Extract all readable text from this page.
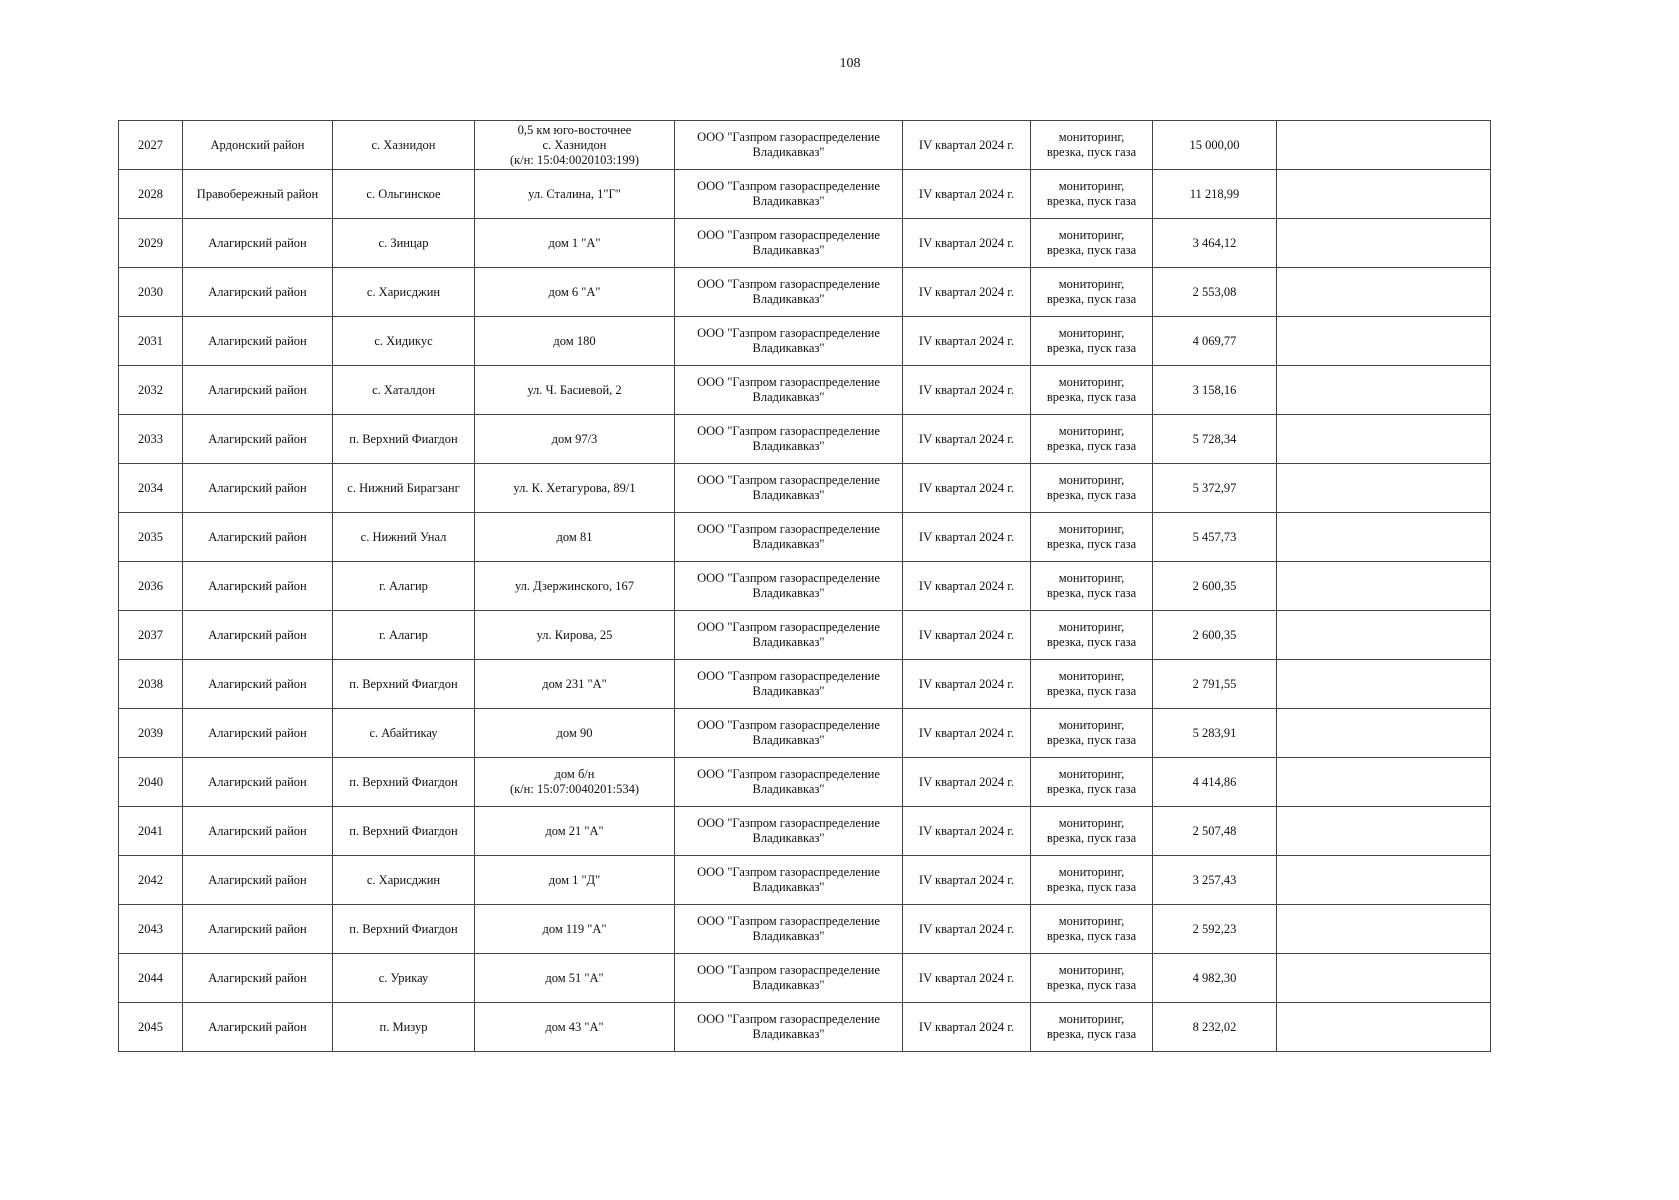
108
2027	Ардонский район	с. Хазнидон	0,5 км юго-восточнее
с. Хазнидон
(к/н: 15:04:0020103:199)	ООО "Газпром газораспределение
Владикавказ"	IV квартал 2024 г.	мониторинг,
врезка, пуск газа	15 000,00	
2028	Правобережный район	с. Ольгинское	ул. Сталина, 1"Г"	ООО "Газпром газораспределение
Владикавказ"	IV квартал 2024 г.	мониторинг,
врезка, пуск газа	11 218,99	
2029	Алагирский район	с. Зинцар	дом 1 "А"	ООО "Газпром газораспределение
Владикавказ"	IV квартал 2024 г.	мониторинг,
врезка, пуск газа	3 464,12	
2030	Алагирский район	с. Харисджин	дом 6 "А"	ООО "Газпром газораспределение
Владикавказ"	IV квартал 2024 г.	мониторинг,
врезка, пуск газа	2 553,08	
2031	Алагирский район	с. Хидикус	дом 180	ООО "Газпром газораспределение
Владикавказ"	IV квартал 2024 г.	мониторинг,
врезка, пуск газа	4 069,77	
2032	Алагирский район	с. Хаталдон	ул. Ч. Басиевой, 2	ООО "Газпром газораспределение
Владикавказ"	IV квартал 2024 г.	мониторинг,
врезка, пуск газа	3 158,16	
2033	Алагирский район	п. Верхний Фиагдон	дом 97/3	ООО "Газпром газораспределение
Владикавказ"	IV квартал 2024 г.	мониторинг,
врезка, пуск газа	5 728,34	
2034	Алагирский район	с. Нижний Бирагзанг	ул. К. Хетагурова, 89/1	ООО "Газпром газораспределение
Владикавказ"	IV квартал 2024 г.	мониторинг,
врезка, пуск газа	5 372,97	
2035	Алагирский район	с. Нижний Унал	дом 81	ООО "Газпром газораспределение
Владикавказ"	IV квартал 2024 г.	мониторинг,
врезка, пуск газа	5 457,73	
2036	Алагирский район	г. Алагир	ул. Дзержинского, 167	ООО "Газпром газораспределение
Владикавказ"	IV квартал 2024 г.	мониторинг,
врезка, пуск газа	2 600,35	
2037	Алагирский район	г. Алагир	ул. Кирова, 25	ООО "Газпром газораспределение
Владикавказ"	IV квартал 2024 г.	мониторинг,
врезка, пуск газа	2 600,35	
2038	Алагирский район	п. Верхний Фиагдон	дом 231 "А"	ООО "Газпром газораспределение
Владикавказ"	IV квартал 2024 г.	мониторинг,
врезка, пуск газа	2 791,55	
2039	Алагирский район	с. Абайтикау	дом 90	ООО "Газпром газораспределение
Владикавказ"	IV квартал 2024 г.	мониторинг,
врезка, пуск газа	5 283,91	
2040	Алагирский район	п. Верхний Фиагдон	дом б/н
(к/н: 15:07:0040201:534)	ООО "Газпром газораспределение
Владикавказ"	IV квартал 2024 г.	мониторинг,
врезка, пуск газа	4 414,86	
2041	Алагирский район	п. Верхний Фиагдон	дом 21 "А"	ООО "Газпром газораспределение
Владикавказ"	IV квартал 2024 г.	мониторинг,
врезка, пуск газа	2 507,48	
2042	Алагирский район	с. Харисджин	дом 1 "Д"	ООО "Газпром газораспределение
Владикавказ"	IV квартал 2024 г.	мониторинг,
врезка, пуск газа	3 257,43	
2043	Алагирский район	п. Верхний Фиагдон	дом 119 "А"	ООО "Газпром газораспределение
Владикавказ"	IV квартал 2024 г.	мониторинг,
врезка, пуск газа	2 592,23	
2044	Алагирский район	с. Урикау	дом 51 "А"	ООО "Газпром газораспределение
Владикавказ"	IV квартал 2024 г.	мониторинг,
врезка, пуск газа	4 982,30	
2045	Алагирский район	п. Мизур	дом 43 "А"	ООО "Газпром газораспределение
Владикавказ"	IV квартал 2024 г.	мониторинг,
врезка, пуск газа	8 232,02	
